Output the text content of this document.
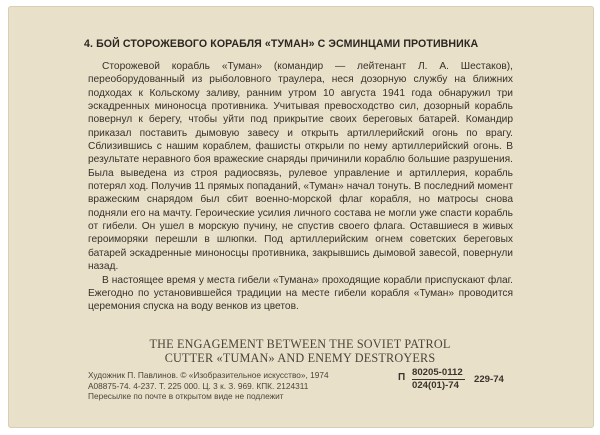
4. БОЙ СТОРОЖЕВОГО КОРАБЛЯ «ТУМАН» С ЭСМИНЦАМИ ПРОТИВНИКА

Сторожевой корабль «Туман» (командир — лейтенант Л. А. Шестаков), переоборудованный из рыболовного траулера, неся дозорную службу на ближних подходах к Кольскому заливу, ранним утром 10 августа 1941 года обнаружил три эскадренных миноносца противника. Учитывая превосходство сил, дозорный корабль повернул к берегу, чтобы уйти под прикрытие своих береговых батарей. Командир приказал поставить дымовую завесу и открыть артиллерийский огонь по врагу. Сблизившись с нашим кораблем, фашисты открыли по нему артиллерийский огонь. В результате неравного боя вражеские снаряды причинили кораблю большие разрушения. Была выведена из строя радиосвязь, рулевое управление и артиллерия, корабль потерял ход. Получив 11 прямых попаданий, «Туман» начал тонуть. В последний момент вражеским снарядом был сбит военно-морской флаг корабля, но матросы снова подняли его на мачту. Героические усилия личного состава не могли уже спасти корабль от гибели. Он ушел в морскую пучину, не спустив своего флага. Оставшиеся в живых героиморяки перешли в шлюпки. Под артиллерийским огнем советских береговых батарей эскадренные миноносцы противника, закрывшись дымовой завесой, повернули назад.

В настоящее время у места гибели «Тумана» проходящие корабли приспускают флаг. Ежегодно по установившейся традиции на месте гибели корабля «Туман» проводится церемония спуска на воду венков из цветов.

THE ENGAGEMENT BETWEEN THE SOVIET PATROL
CUTTER «TUMAN» AND ENEMY DESTROYERS
Художник П. Павлинов. © «Изобразительное искусство», 1974
А08875-74. 4-237. Т. 225 000. Ц. 3 к. З. 969. КПК. 2124311
Пересылке по почте в открытом виде не подлежит
П 80205-0112
024(01)-74
229-74
